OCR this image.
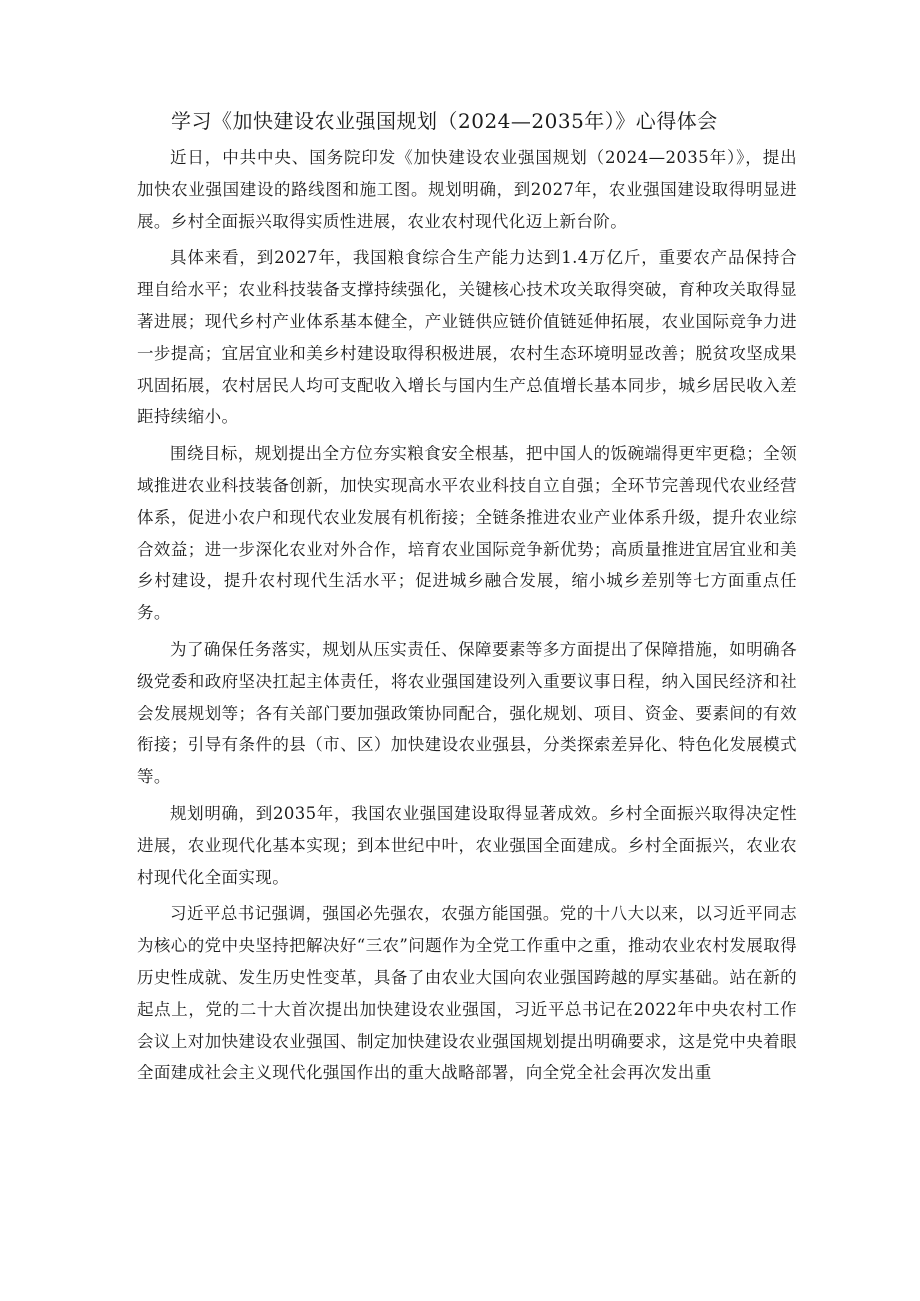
学习《加快建设农业强国规划（2024—2035年）》心得体会

近日，中共中央、国务院印发《加快建设农业强国规划（2024—2035年）》，提出加快农业强国建设的路线图和施工图。规划明确，到2027年，农业强国建设取得明显进展。乡村全面振兴取得实质性进展，农业农村现代化迈上新台阶。

具体来看，到2027年，我国粮食综合生产能力达到1.4万亿斤，重要农产品保持合理自给水平；农业科技装备支撑持续强化，关键核心技术攻关取得突破，育种攻关取得显著进展；现代乡村产业体系基本健全，产业链供应链价值链延伸拓展，农业国际竞争力进一步提高；宜居宜业和美乡村建设取得积极进展，农村生态环境明显改善；脱贫攻坚成果巩固拓展，农村居民人均可支配收入增长与国内生产总值增长基本同步，城乡居民收入差距持续缩小。

围绕目标，规划提出全方位夯实粮食安全根基，把中国人的饭碗端得更牢更稳；全领域推进农业科技装备创新，加快实现高水平农业科技自立自强；全环节完善现代农业经营体系，促进小农户和现代农业发展有机衔接；全链条推进农业产业体系升级，提升农业综合效益；进一步深化农业对外合作，培育农业国际竞争新优势；高质量推进宜居宜业和美乡村建设，提升农村现代生活水平；促进城乡融合发展，缩小城乡差别等七方面重点任务。

为了确保任务落实，规划从压实责任、保障要素等多方面提出了保障措施，如明确各级党委和政府坚决扛起主体责任，将农业强国建设列入重要议事日程，纳入国民经济和社会发展规划等；各有关部门要加强政策协同配合，强化规划、项目、资金、要素间的有效衔接；引导有条件的县（市、区）加快建设农业强县，分类探索差异化、特色化发展模式等。

规划明确，到2035年，我国农业强国建设取得显著成效。乡村全面振兴取得决定性进展，农业现代化基本实现；到本世纪中叶，农业强国全面建成。乡村全面振兴，农业农村现代化全面实现。

习近平总书记强调，强国必先强农，农强方能国强。党的十八大以来，以习近平同志为核心的党中央坚持把解决好“三农”问题作为全党工作重中之重，推动农业农村发展取得历史性成就、发生历史性变革，具备了由农业大国向农业强国跨越的厚实基础。站在新的起点上，党的二十大首次提出加快建设农业强国，习近平总书记在2022年中央农村工作会议上对加快建设农业强国、制定加快建设农业强国规划提出明确要求，这是党中央着眼全面建成社会主义现代化强国作出的重大战略部署，向全党全社会再次发出重
